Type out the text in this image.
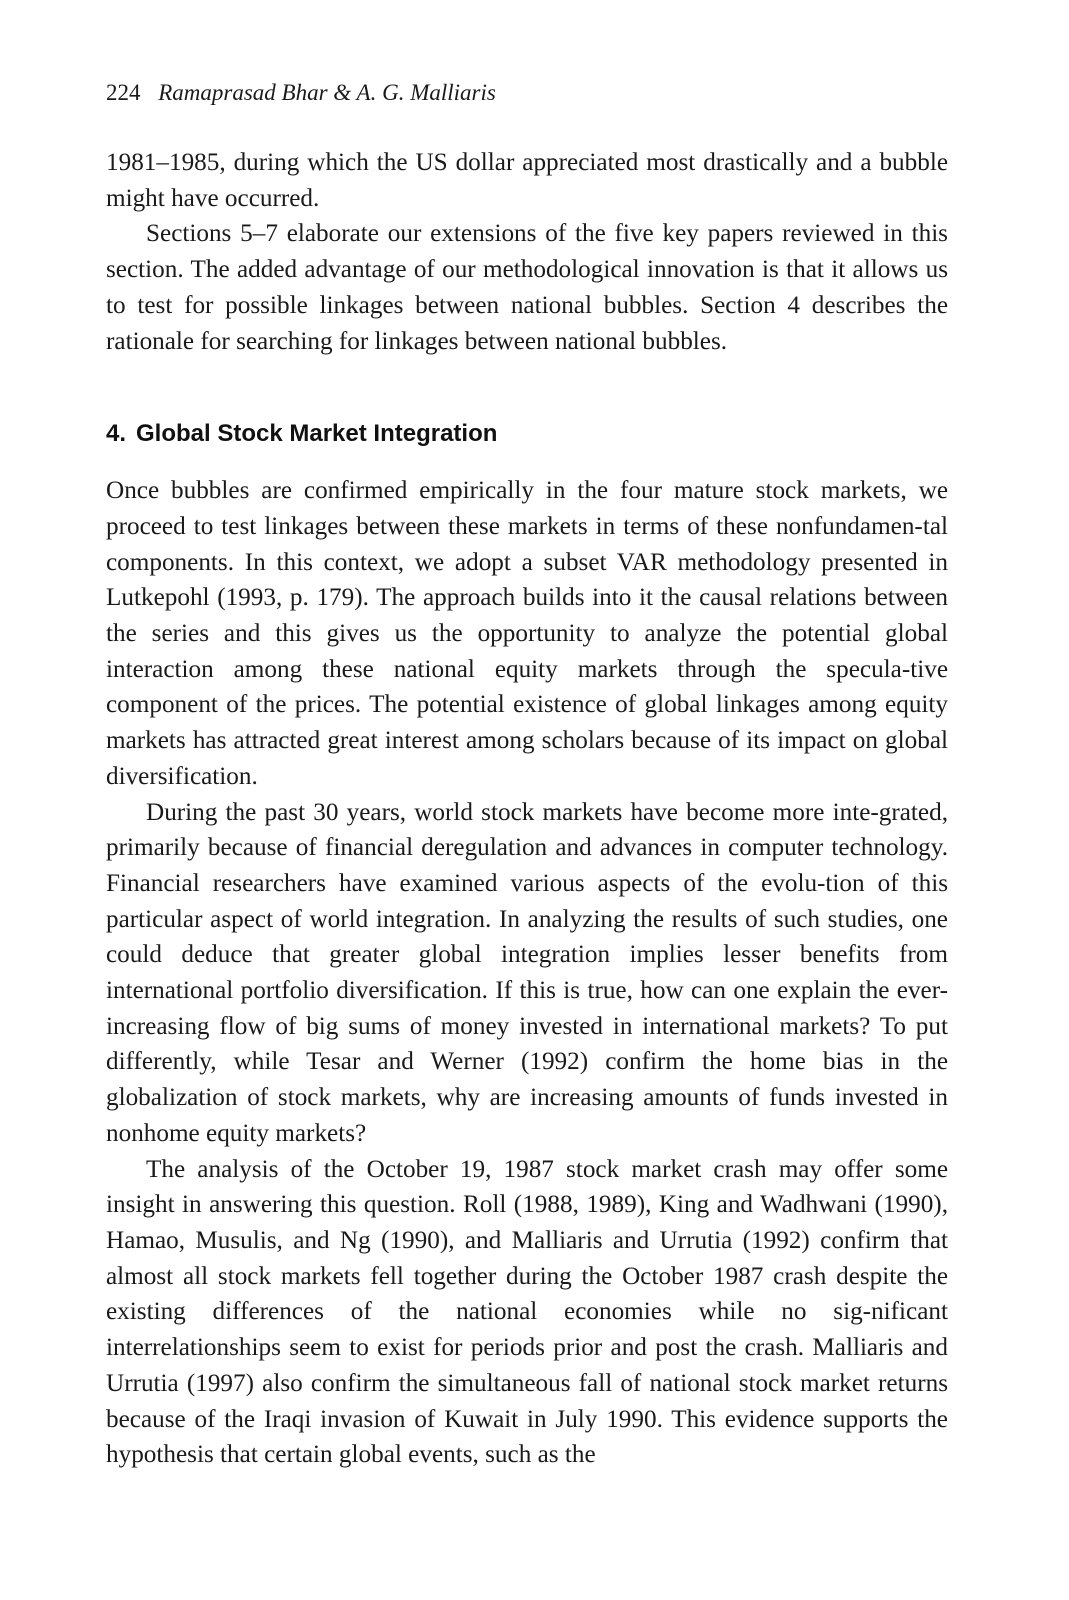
224 Ramaprasad Bhar & A. G. Malliaris

1981–1985, during which the US dollar appreciated most drastically and a bubble might have occurred.

Sections 5–7 elaborate our extensions of the five key papers reviewed in this section. The added advantage of our methodological innovation is that it allows us to test for possible linkages between national bubbles. Section 4 describes the rationale for searching for linkages between national bubbles.

4. Global Stock Market Integration

Once bubbles are confirmed empirically in the four mature stock markets, we proceed to test linkages between these markets in terms of these nonfundamen-tal components. In this context, we adopt a subset VAR methodology presented in Lutkepohl (1993, p. 179). The approach builds into it the causal relations between the series and this gives us the opportunity to analyze the potential global interaction among these national equity markets through the specula-tive component of the prices. The potential existence of global linkages among equity markets has attracted great interest among scholars because of its impact on global diversification.

During the past 30 years, world stock markets have become more inte-grated, primarily because of financial deregulation and advances in computer technology. Financial researchers have examined various aspects of the evolu-tion of this particular aspect of world integration. In analyzing the results of such studies, one could deduce that greater global integration implies lesser benefits from international portfolio diversification. If this is true, how can one explain the ever-increasing flow of big sums of money invested in international markets? To put differently, while Tesar and Werner (1992) confirm the home bias in the globalization of stock markets, why are increasing amounts of funds invested in nonhome equity markets?

The analysis of the October 19, 1987 stock market crash may offer some insight in answering this question. Roll (1988, 1989), King and Wadhwani (1990), Hamao, Musulis, and Ng (1990), and Malliaris and Urrutia (1992) confirm that almost all stock markets fell together during the October 1987 crash despite the existing differences of the national economies while no sig-nificant interrelationships seem to exist for periods prior and post the crash. Malliaris and Urrutia (1997) also confirm the simultaneous fall of national stock market returns because of the Iraqi invasion of Kuwait in July 1990. This evidence supports the hypothesis that certain global events, such as the
